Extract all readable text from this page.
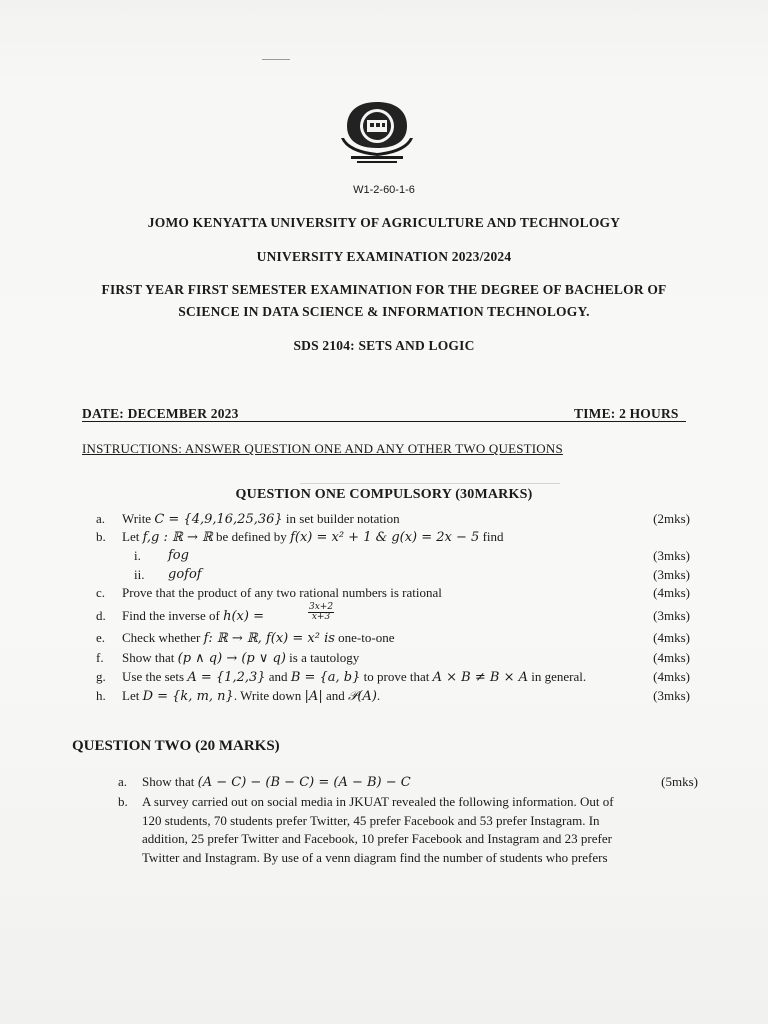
W1-2-60-1-6
JOMO KENYATTA UNIVERSITY OF AGRICULTURE AND TECHNOLOGY
UNIVERSITY EXAMINATION 2023/2024
FIRST YEAR FIRST SEMESTER EXAMINATION FOR THE DEGREE OF BACHELOR OF
SCIENCE IN DATA SCIENCE & INFORMATION TECHNOLOGY.
SDS 2104: SETS AND LOGIC
DATE: DECEMBER 2023	TIME: 2 HOURS
INSTRUCTIONS: ANSWER QUESTION ONE AND ANY OTHER TWO QUESTIONS
QUESTION ONE COMPULSORY (30MARKS)
a.	Write C = {4,9,16,25,36} in set builder notation	(2mks)
b.	Let f,g : ℝ → ℝ be defined by f(x) = x² + 1 & g(x) = 2x − 5 find
i.	fog	(3mks)
ii.	gofof	(3mks)
c.	Prove that the product of any two rational numbers is rational	(4mks)
d.	Find the inverse of h(x) =	$\frac{3x+2}{x+3}$	(3mks)
e.	Check whether f: ℝ → ℝ, f(x) = x² is one-to-one	(4mks)
f.	Show that (p ∧ q) → (p ∨ q) is a tautology	(4mks)
g.	Use the sets A = {1,2,3} and B = {a, b} to prove that A × B ≠ B × A in general.	(4mks)
h.	Let D = {k, m, n}. Write down |A| and 𝒫(A).	(3mks)
QUESTION TWO (20 MARKS)
a. Show that (A − C) − (B − C) = (A − B) − C	(5mks)
b. A survey carried out on social media in JKUAT revealed the following information. Out of
120 students, 70 students prefer Twitter, 45 prefer Facebook and 53 prefer Instagram. In
addition, 25 prefer Twitter and Facebook, 10 prefer Facebook and Instagram and 23 prefer
Twitter and Instagram. By use of a venn diagram find the number of students who prefers
